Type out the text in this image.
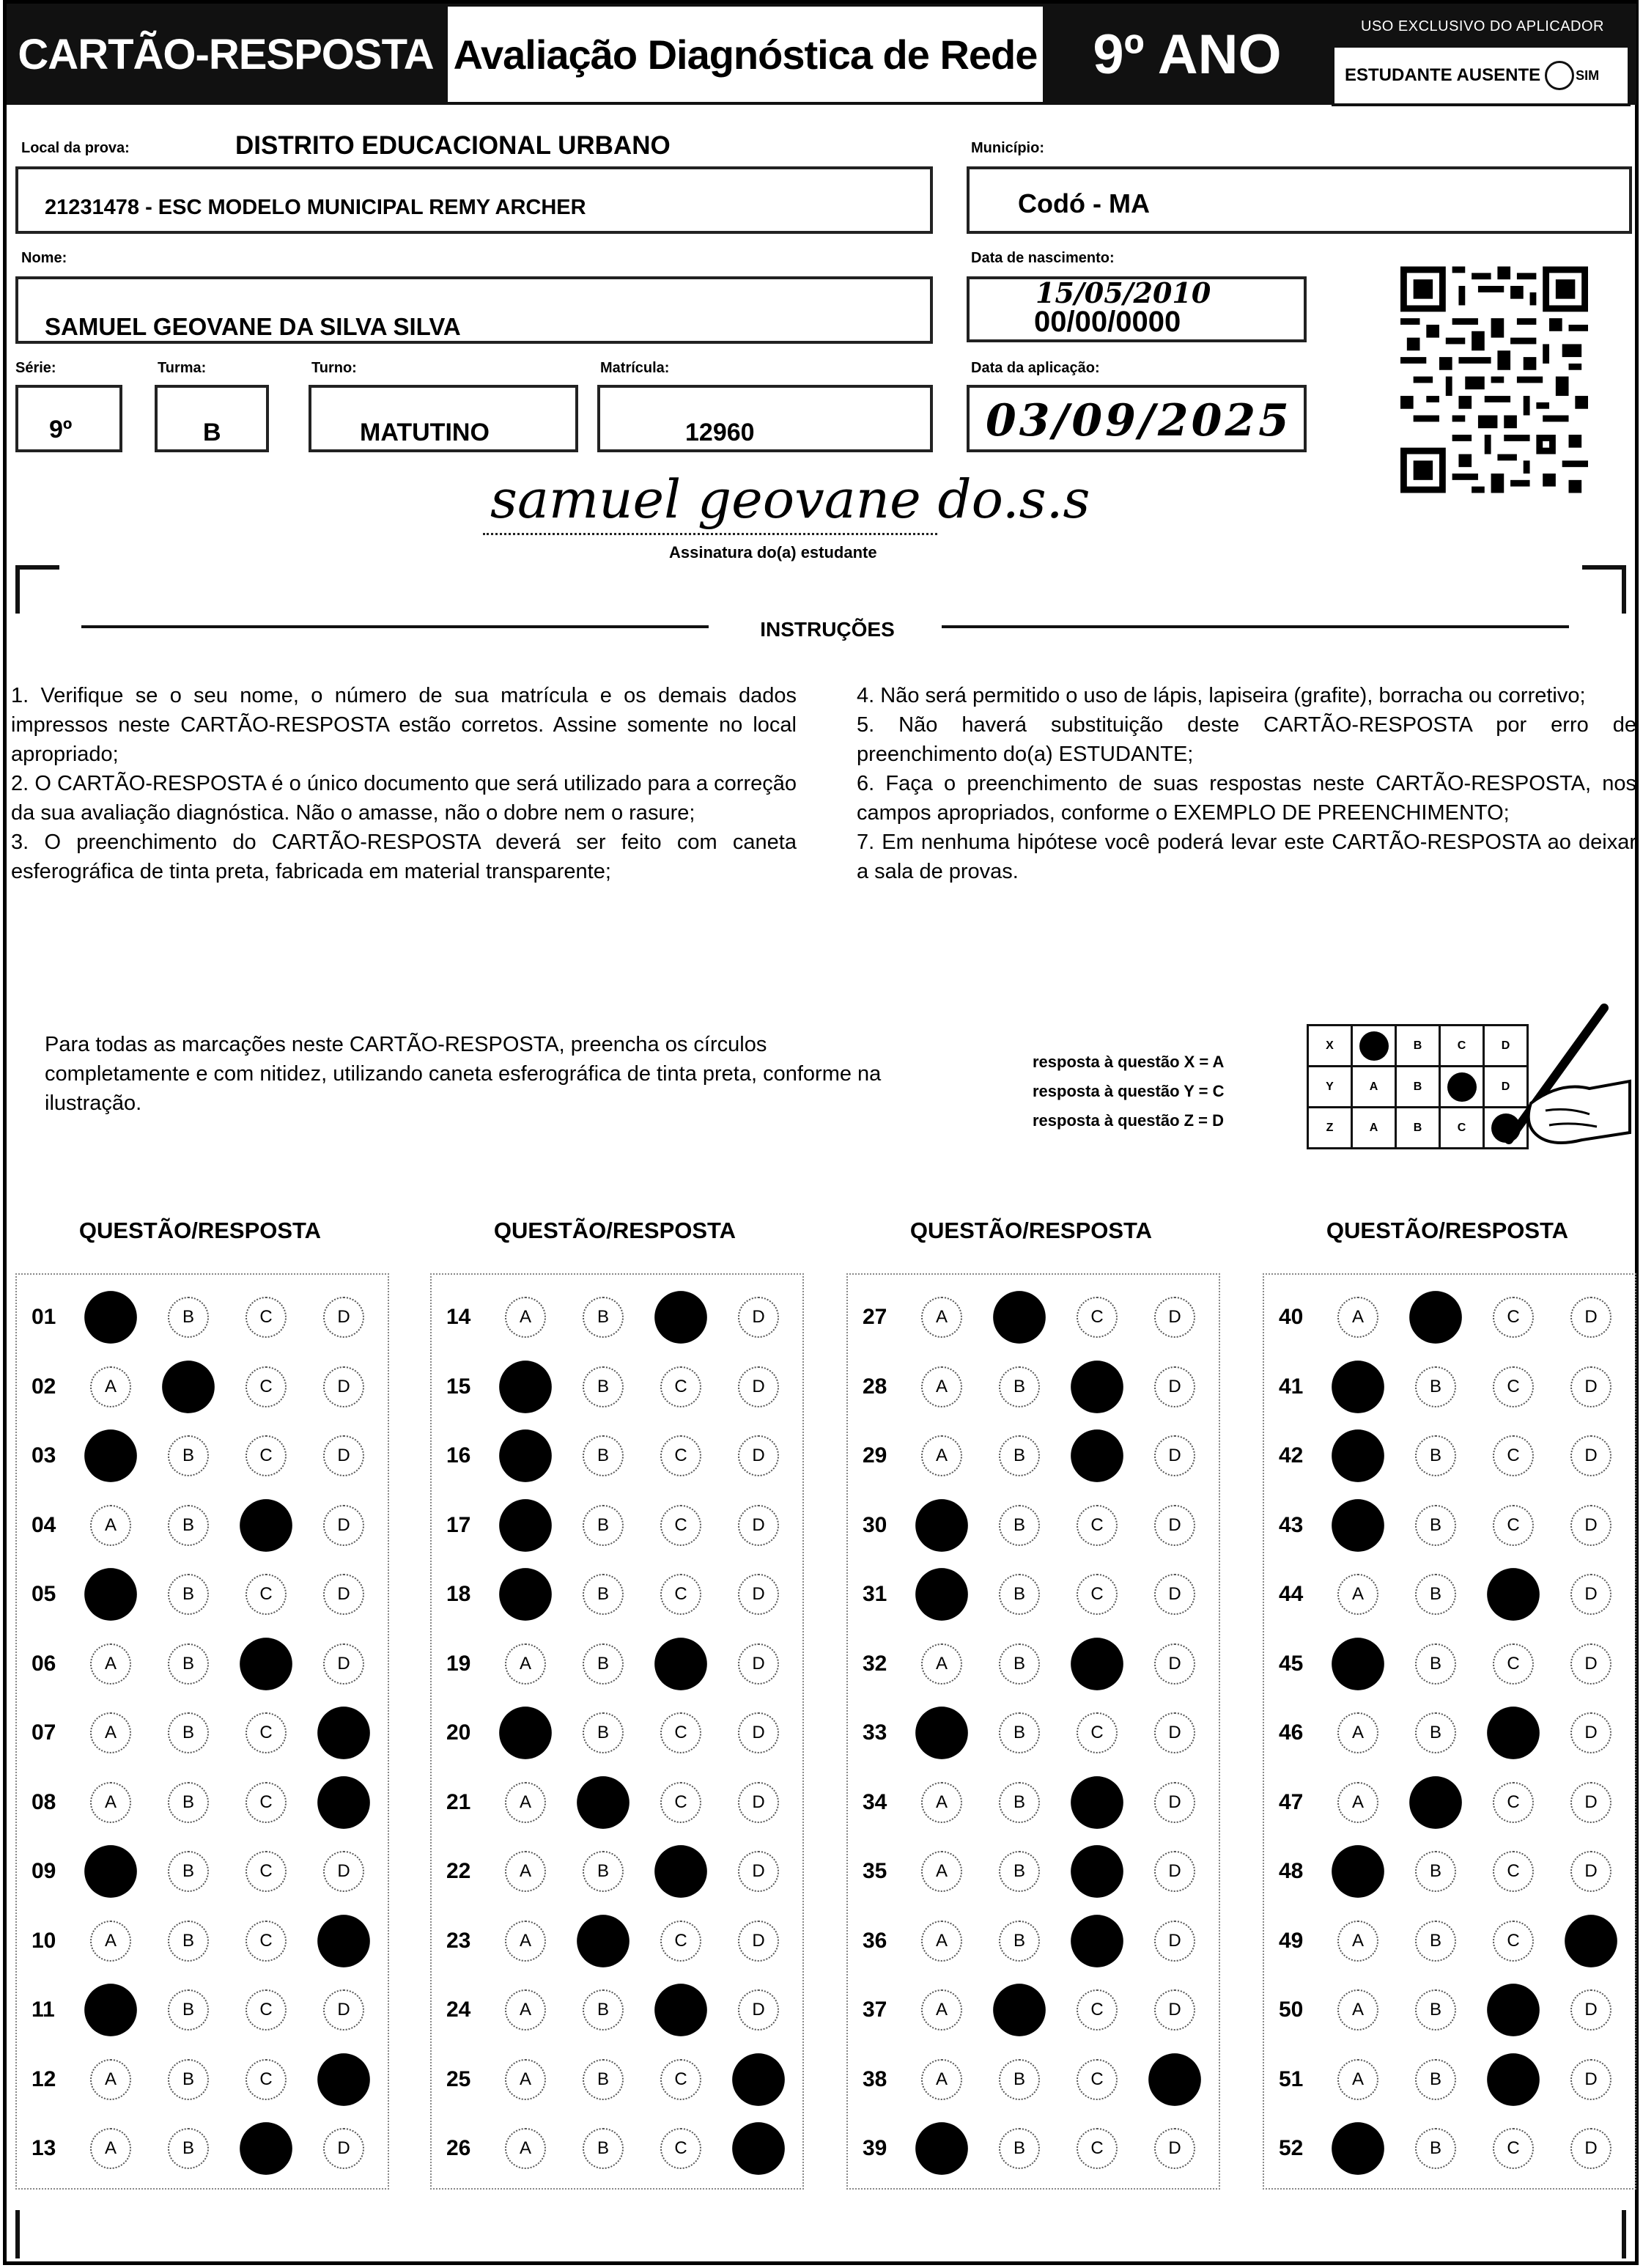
CARTÃO-RESPOSTA Avaliação Diagnóstica de Rede	9º ANO	USO EXCLUSIVO DO APLICADOR
ESTUDANTE AUSENTE	SIM
Local da prova:	DISTRITO EDUCACIONAL URBANO
21231478 - ESC MODELO MUNICIPAL REMY ARCHER
Município:
Codó - MA
Nome:
SAMUEL GEOVANE DA SILVA SILVA
Data de nascimento:
15/05/2010
00/00/0000
Série:
9º
Turma:
B
Turno:
MATUTINO
Matrícula:
12960
Data da aplicação:
03/09/2025
samuel geovane do.s.s
Assinatura do(a) estudante
INSTRUÇÕES

1. Verifique se o seu nome, o número de sua matrícula e os demais dados impressos neste CARTÃO-RESPOSTA estão corretos. Assine somente no local apropriado;

2. O CARTÃO-RESPOSTA é o único documento que será utilizado para a correção da sua avaliação diagnóstica. Não o amasse, não o dobre nem o rasure;

3. O preenchimento do CARTÃO-RESPOSTA deverá ser feito com caneta esferográfica de tinta preta, fabricada em material transparente;

4. Não será permitido o uso de lápis, lapiseira (grafite), borracha ou corretivo;

5. Não haverá substituição deste CARTÃO-RESPOSTA por erro de preenchimento do(a) ESTUDANTE;

6. Faça o preenchimento de suas respostas neste CARTÃO-RESPOSTA, nos campos apropriados, conforme o EXEMPLO DE PREENCHIMENTO;

7. Em nenhuma hipótese você poderá levar este CARTÃO-RESPOSTA ao deixar a sala de provas.

Para todas as marcações neste CARTÃO-RESPOSTA, preencha os círculos completamente e com nitidez, utilizando caneta esferográfica de tinta preta, conforme na ilustração.
resposta à questão X = A
resposta à questão Y = C
resposta à questão Z = D
X		B	C	D
Y	A	B		D
Z	A	B	C	
QUESTÃO/RESPOSTA
01	B	C	D
02	A	C	D
03	B	C	D
04	A	B	D
05	B	C	D
06	A	B	D
07	A	B	C
08	A	B	C
09	B	C	D
10	A	B	C
11	B	C	D
12	A	B	C
13	A	B	D
QUESTÃO/RESPOSTA
14	A	B	D
15	B	C	D
16	B	C	D
17	B	C	D
18	B	C	D
19	A	B	D
20	B	C	D
21	A	C	D
22	A	B	D
23	A	C	D
24	A	B	D
25	A	B	C
26	A	B	C
QUESTÃO/RESPOSTA
27	A	C	D
28	A	B	D
29	A	B	D
30	B	C	D
31	B	C	D
32	A	B	D
33	B	C	D
34	A	B	D
35	A	B	D
36	A	B	D
37	A	C	D
38	A	B	C
39	B	C	D
QUESTÃO/RESPOSTA
40	A	C	D
41	B	C	D
42	B	C	D
43	B	C	D
44	A	B	D
45	B	C	D
46	A	B	D
47	A	C	D
48	B	C	D
49	A	B	C
50	A	B	D
51	A	B	D
52	B	C	D
